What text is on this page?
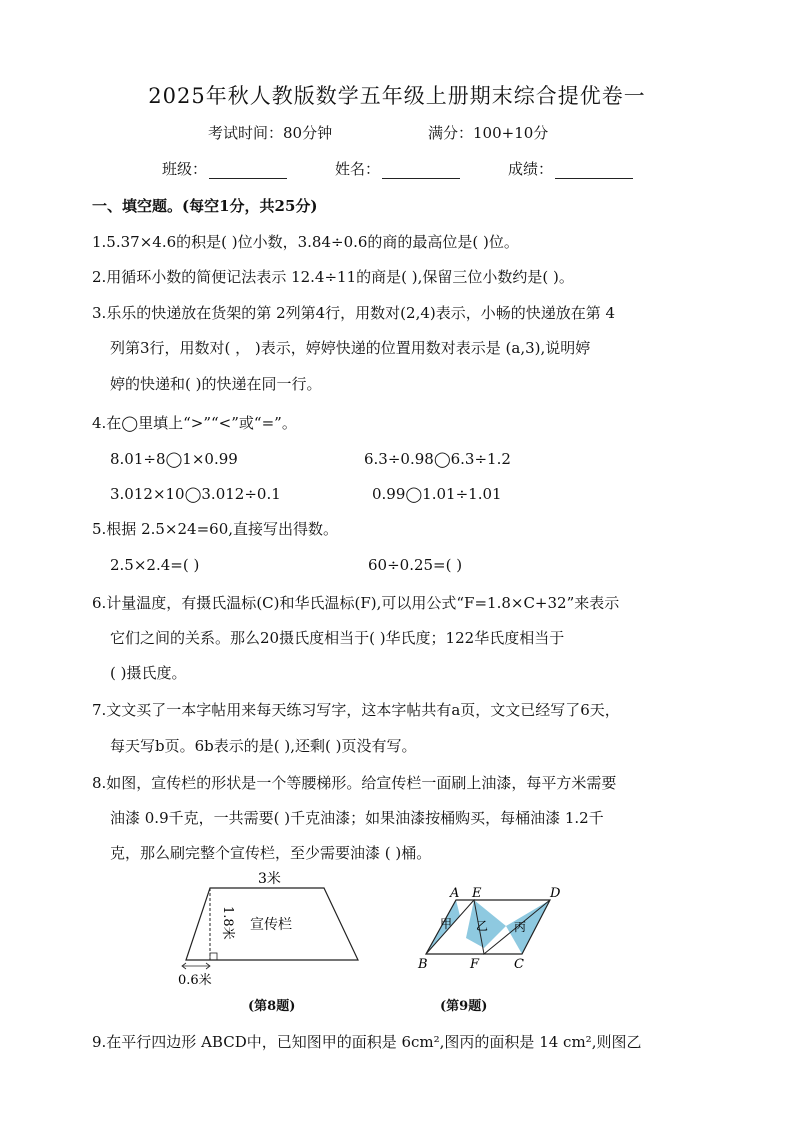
2025年秋人教版数学五年级上册期末综合提优卷一
考试时间：80分钟	满分：100+10分
班级：	姓名：	成绩：
一、填空题。(每空1分，共25分)
1.5.37×4.6的积是( )位小数，3.84÷0.6的商的最高位是( )位。
2.用循环小数的简便记法表示 12.4÷11的商是( ),保留三位小数约是( )。
3.乐乐的快递放在货架的第 2列第4行，用数对(2,4)表示，小畅的快递放在第 4
列第3行，用数对( ， )表示，婷婷快递的位置用数对表示是 (a,3),说明婷
婷的快递和( )的快递在同一行。
4.在◯里填上“>”“<”或“=”。
8.01÷8◯1×0.99	6.3÷0.98◯6.3÷1.2
3.012×10◯3.012÷0.1	0.99◯1.01÷1.01
5.根据 2.5×24=60,直接写出得数。
2.5×2.4=( )	60÷0.25=( )
6.计量温度，有摄氏温标(C)和华氏温标(F),可以用公式“F=1.8×C+32”来表示
它们之间的关系。那么20摄氏度相当于( )华氏度；122华氏度相当于
( )摄氏度。
7.文文买了一本字帖用来每天练习写字，这本字帖共有a页，文文已经写了6天，
每天写b页。6b表示的是( ),还剩( )页没有写。
8.如图，宣传栏的形状是一个等腰梯形。给宣传栏一面刷上油漆，每平方米需要
油漆 0.9千克，一共需要( )千克油漆；如果油漆按桶购买，每桶油漆 1.2千
克，那么刷完整个宣传栏，至少需要油漆 ( )桶。
3米
1.8米 宣传栏
0.6米
(第8题)
A E	D
B	F	C
甲 乙 丙
(第9题)
9.在平行四边形 ABCD中，已知图甲的面积是 6cm²,图丙的面积是 14 cm²,则图乙
